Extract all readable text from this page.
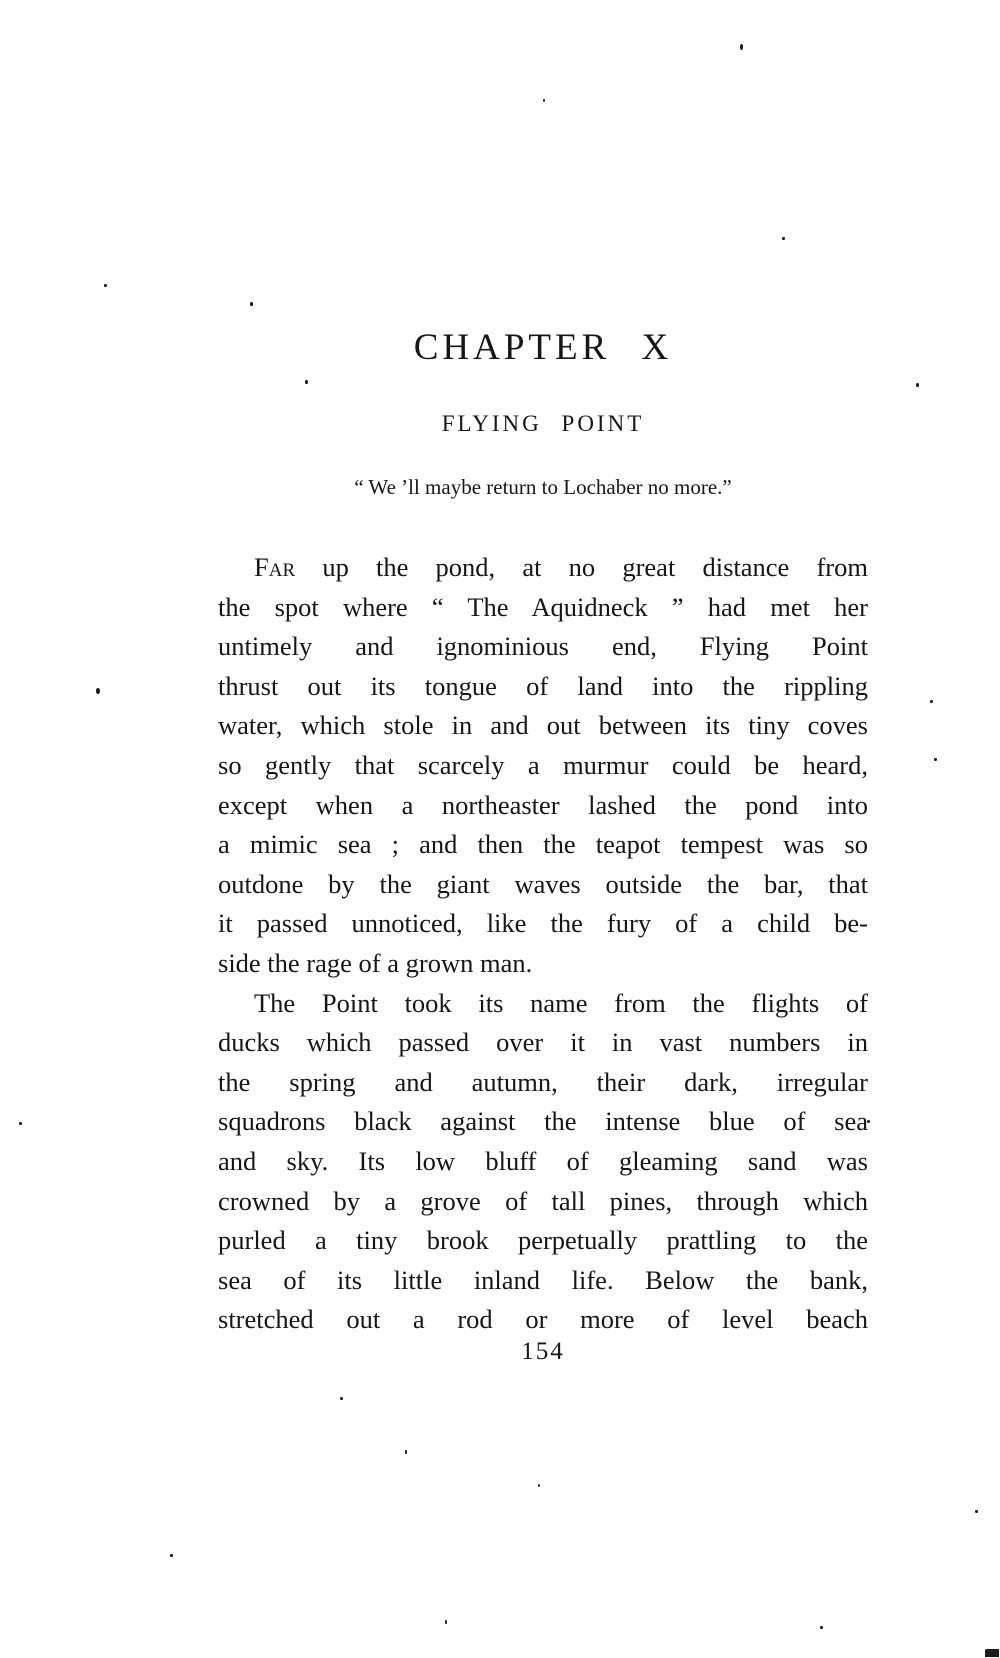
CHAPTER X
FLYING POINT
“ We ’ll maybe return to Lochaber no more.”
Far up the pond, at no great distance from
the spot where “ The Aquidneck ” had met her
untimely and ignominious end, Flying Point
thrust out its tongue of land into the rippling
water, which stole in and out between its tiny coves
so gently that scarcely a murmur could be heard,
except when a northeaster lashed the pond into
a mimic sea ; and then the teapot tempest was so
outdone by the giant waves outside the bar, that
it passed unnoticed, like the fury of a child be-
side the rage of a grown man.
The Point took its name from the flights of
ducks which passed over it in vast numbers in
the spring and autumn, their dark, irregular
squadrons black against the intense blue of sea
and sky. Its low bluff of gleaming sand was
crowned by a grove of tall pines, through which
purled a tiny brook perpetually prattling to the
sea of its little inland life. Below the bank,
stretched out a rod or more of level beach
154
